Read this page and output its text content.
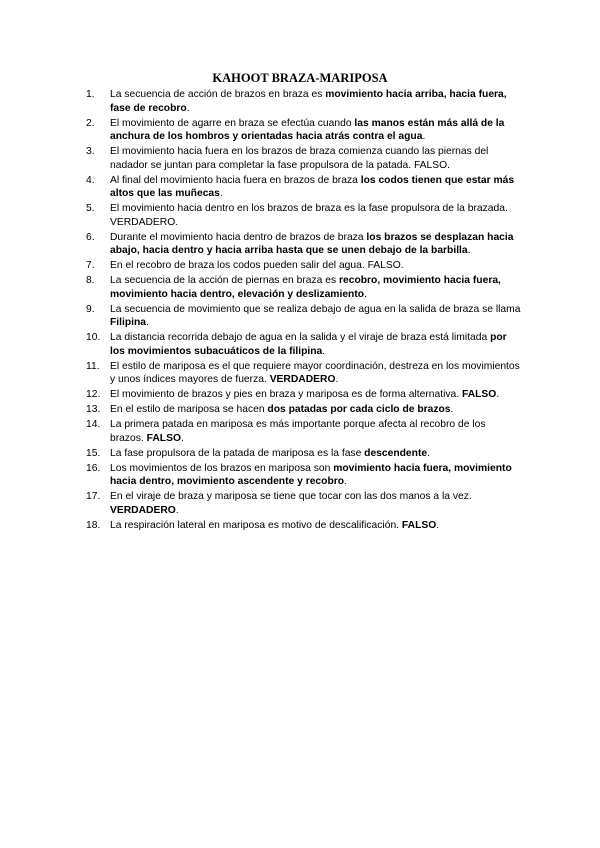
KAHOOT BRAZA-MARIPOSA
1. La secuencia de acción de brazos en braza es movimiento hacia arriba, hacia fuera, fase de recobro.
2. El movimiento de agarre en braza se efectúa cuando las manos están más allá de la anchura de los hombros y orientadas hacia atrás contra el agua.
3. El movimiento hacia fuera en los brazos de braza comienza cuando las piernas del nadador se juntan para completar la fase propulsora de la patada. FALSO.
4. Al final del movimiento hacia fuera en brazos de braza los codos tienen que estar más altos que las muñecas.
5. El movimiento hacia dentro en los brazos de braza es la fase propulsora de la brazada. VERDADERO.
6. Durante el movimiento hacia dentro de brazos de braza los brazos se desplazan hacia abajo, hacia dentro y hacia arriba hasta que se unen debajo de la barbilla.
7. En el recobro de braza los codos pueden salir del agua. FALSO.
8. La secuencia de la acción de piernas en braza es recobro, movimiento hacia fuera, movimiento hacia dentro, elevación y deslizamiento.
9. La secuencia de movimiento que se realiza debajo de agua en la salida de braza se llama Filipina.
10. La distancia recorrida debajo de agua en la salida y el viraje de braza está limitada por los movimientos subacuáticos de la filipina.
11. El estilo de mariposa es el que requiere mayor coordinación, destreza en los movimientos y unos índices mayores de fuerza. VERDADERO.
12. El movimiento de brazos y pies en braza y mariposa es de forma alternativa. FALSO.
13. En el estilo de mariposa se hacen dos patadas por cada ciclo de brazos.
14. La primera patada en mariposa es más importante porque afecta al recobro de los brazos. FALSO.
15. La fase propulsora de la patada de mariposa es la fase descendente.
16. Los movimientos de los brazos en mariposa son movimiento hacia fuera, movimiento hacia dentro, movimiento ascendente y recobro.
17. En el viraje de braza y mariposa se tiene que tocar con las dos manos a la vez. VERDADERO.
18. La respiración lateral en mariposa es motivo de descalificación. FALSO.
